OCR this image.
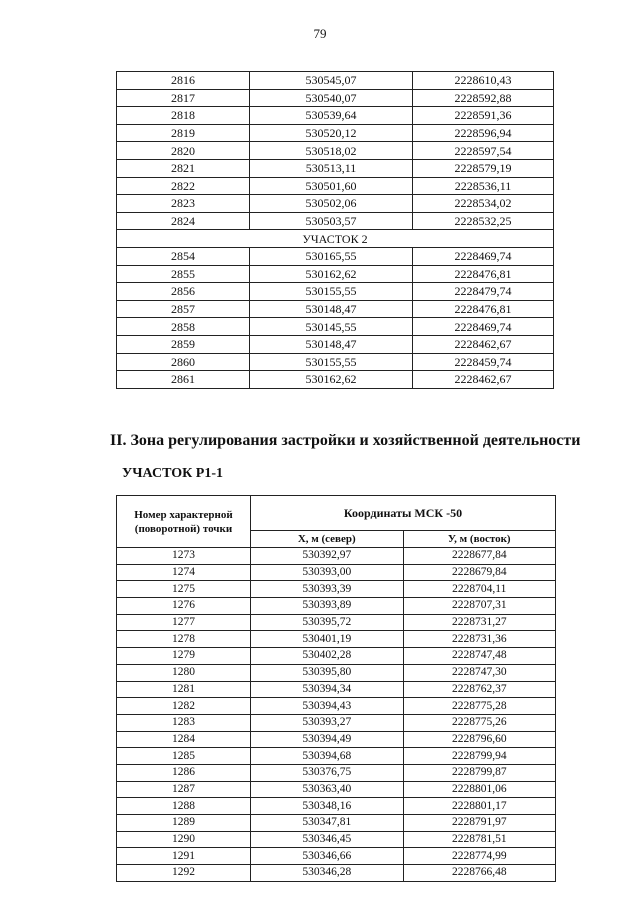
79
2816	530545,07	2228610,43
2817	530540,07	2228592,88
2818	530539,64	2228591,36
2819	530520,12	2228596,94
2820	530518,02	2228597,54
2821	530513,11	2228579,19
2822	530501,60	2228536,11
2823	530502,06	2228534,02
2824	530503,57	2228532,25
УЧАСТОК 2		
2854	530165,55	2228469,74
2855	530162,62	2228476,81
2856	530155,55	2228479,74
2857	530148,47	2228476,81
2858	530145,55	2228469,74
2859	530148,47	2228462,67
2860	530155,55	2228459,74
2861	530162,62	2228462,67
II. Зона регулирования застройки и хозяйственной деятельности
УЧАСТОК Р1-1
Номер характерной (поворотной) точки	Координаты МСК -50	
	X, м (север)	У, м (восток)
1273	530392,97	2228677,84
1274	530393,00	2228679,84
1275	530393,39	2228704,11
1276	530393,89	2228707,31
1277	530395,72	2228731,27
1278	530401,19	2228731,36
1279	530402,28	2228747,48
1280	530395,80	2228747,30
1281	530394,34	2228762,37
1282	530394,43	2228775,28
1283	530393,27	2228775,26
1284	530394,49	2228796,60
1285	530394,68	2228799,94
1286	530376,75	2228799,87
1287	530363,40	2228801,06
1288	530348,16	2228801,17
1289	530347,81	2228791,97
1290	530346,45	2228781,51
1291	530346,66	2228774,99
1292	530346,28	2228766,48
